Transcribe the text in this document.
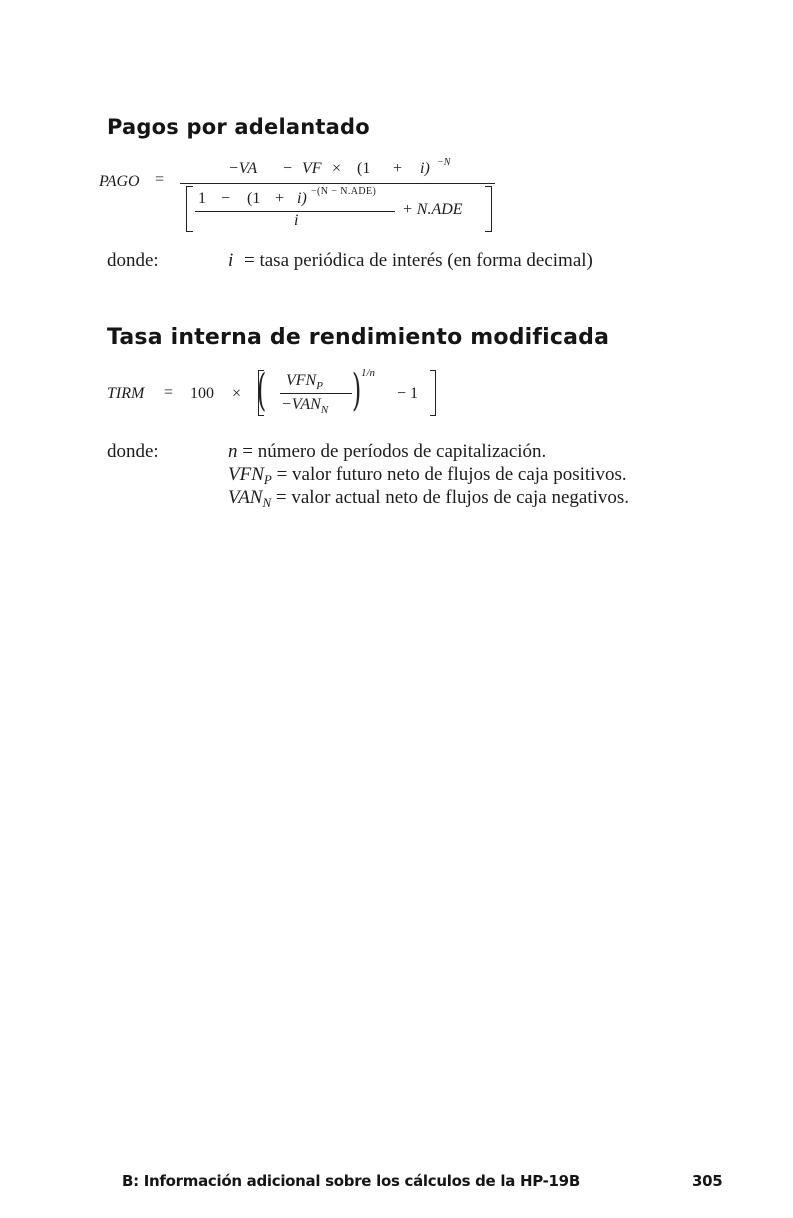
Pagos por adelantado
PAGO =
−VA − VF × (1 + i) −N
1 − (1 + i) −(N − N.ADE)
i
+ N.ADE
donde:	i = tasa periódica de interés (en forma decimal)
Tasa interna de rendimiento modificada
TIRM = 100 × ( )
$VFN_P$
$-VAN_N$
1/n
− 1
donde:	n = número de períodos de capitalización.
$VFN_P$ = valor futuro neto de flujos de caja positivos.
$VAN_N$ = valor actual neto de flujos de caja negativos.
B: Información adicional sobre los cálculos de la HP-19B	305
